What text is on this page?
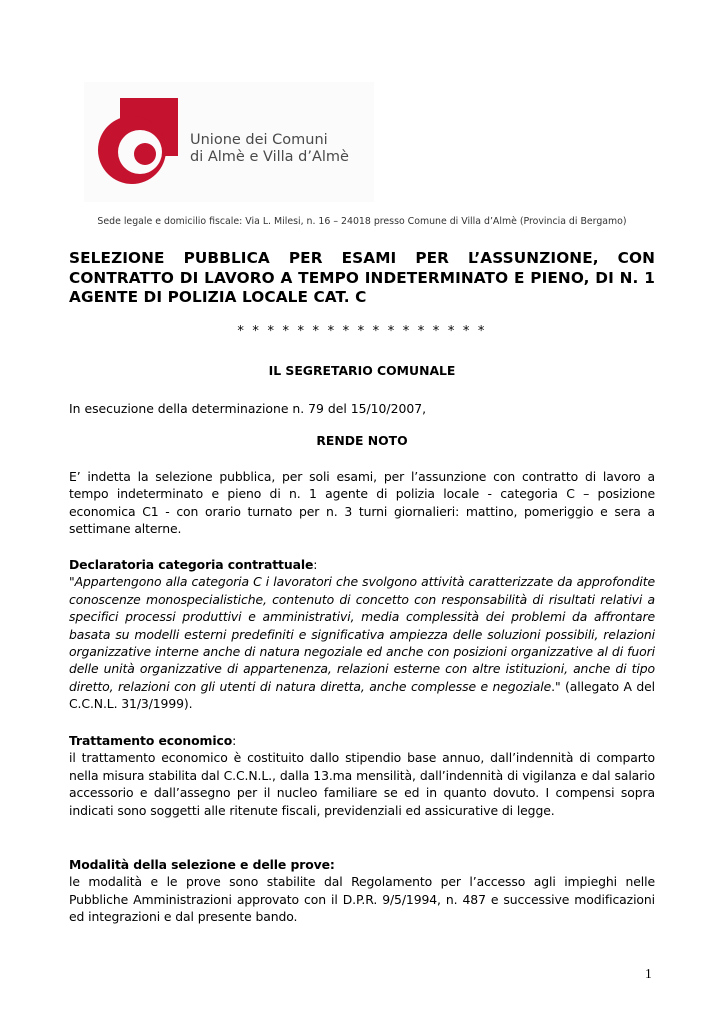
Unione dei Comuni
di Almè e Villa d’Almè
Sede legale e domicilio fiscale: Via L. Milesi, n. 16 – 24018 presso Comune di Villa d’Almè (Provincia di Bergamo)
SELEZIONE PUBBLICA PER ESAMI PER L’ASSUNZIONE, CON CONTRATTO DI LAVORO A TEMPO INDETERMINATO E PIENO, DI N. 1 AGENTE DI POLIZIA LOCALE CAT. C
* * * * * * * * * * * * * * * * *
IL SEGRETARIO COMUNALE
In esecuzione della determinazione n. 79 del 15/10/2007,
RENDE NOTO
E’ indetta la selezione pubblica, per soli esami, per l’assunzione con contratto di lavoro a tempo indeterminato e pieno di n. 1 agente di polizia locale - categoria C – posizione economica C1 - con orario turnato per n. 3 turni giornalieri: mattino, pomeriggio e sera a settimane alterne.
Declaratoria categoria contrattuale:
"Appartengono alla categoria C i lavoratori che svolgono attività caratterizzate da approfondite conoscenze monospecialistiche, contenuto di concetto con responsabilità di risultati relativi a specifici processi produttivi e amministrativi, media complessità dei problemi da affrontare basata su modelli esterni predefiniti e significativa ampiezza delle soluzioni possibili, relazioni organizzative interne anche di natura negoziale ed anche con posizioni organizzative al di fuori delle unità organizzative di appartenenza, relazioni esterne con altre istituzioni, anche di tipo diretto, relazioni con gli utenti di natura diretta, anche complesse e negoziale." (allegato A del C.C.N.L. 31/3/1999).
Trattamento economico:
il trattamento economico è costituito dallo stipendio base annuo, dall’indennità di comparto nella misura stabilita dal C.C.N.L., dalla 13.ma mensilità, dall’indennità di vigilanza e dal salario accessorio e dall’assegno per il nucleo familiare se ed in quanto dovuto. I compensi sopra indicati sono soggetti alle ritenute fiscali, previdenziali ed assicurative di legge.
Modalità della selezione e delle prove:
le modalità e le prove sono stabilite dal Regolamento per l’accesso agli impieghi nelle Pubbliche Amministrazioni approvato con il D.P.R. 9/5/1994, n. 487 e successive modificazioni ed integrazioni e dal presente bando.
1
